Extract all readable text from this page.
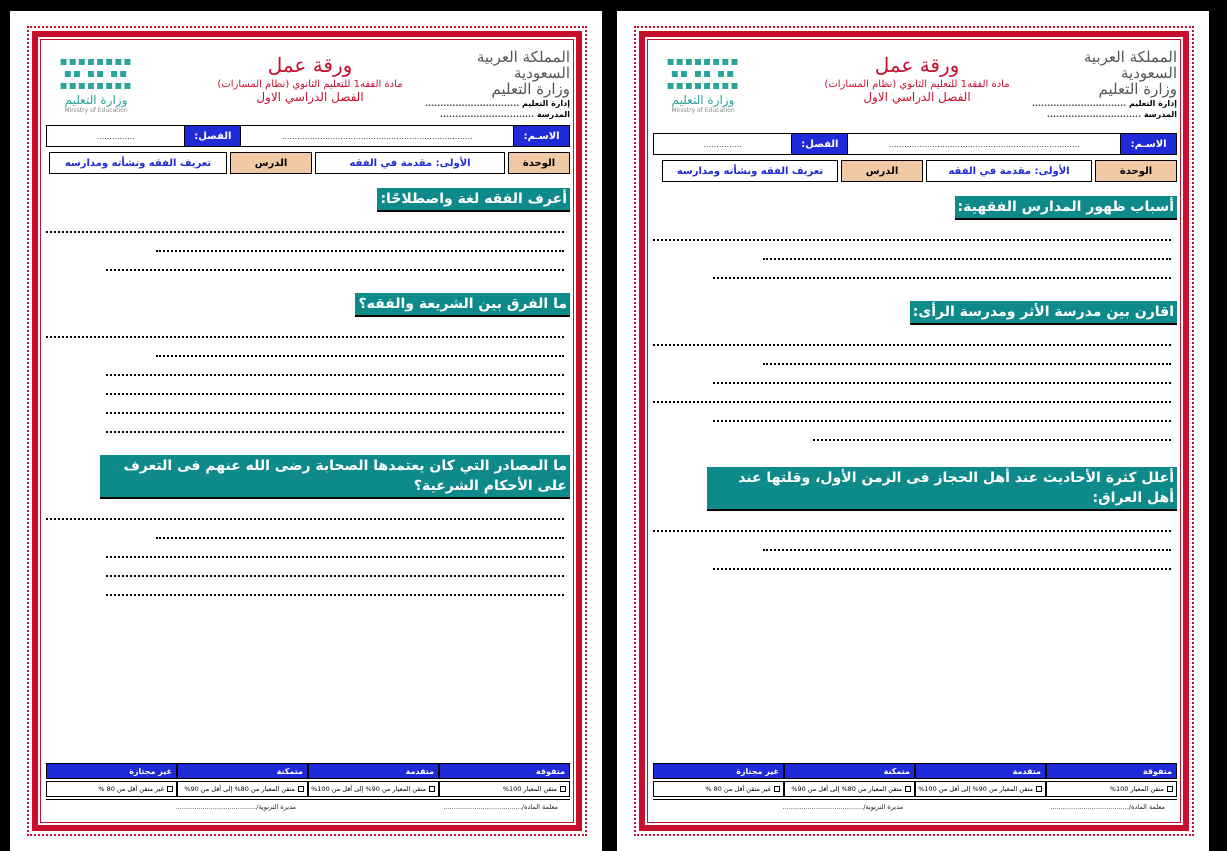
المملكة العربية السعودية
وزارة التعليم
إدارة التعليم ...............................
المدرسة ...............................
ورقة عمل
مادة الفقه1 للتعليم الثانوي (نظام المسارات)
الفصل الدراسي الاول
▪▪▪▪▪▪▪▪
▪▪ ▪▪ ▪▪
▪▪▪▪▪▪▪▪
وزارة التعليم
Ministry of Education
الاسـم:
...........................................................................
الفصل:
...............
الوحدة
الأولى: مقدمة في الفقه
الدرس
تعريف الفقه ونشأته ومدارسه
أعرف الفقه لغة واصطلاحًا:
ما الفرق بين الشريعة والفقه؟
ما المصادر التي كان يعتمدها الصحابة رضى الله عنهم فى التعرف على الأحكام الشرعية؟
متفوقة
متقدمة
متمكنة
غير مجتازة
متقن المعيار 100%
متقن المعيار من 90% إلى أقل من 100%
متقن المعيار من 80% إلى أقل من 90%
غير متقن أقل من 80 %
معلمة المادة/......................................
مديرة التربوية/.......................................
المملكة العربية السعودية
وزارة التعليم
إدارة التعليم ...............................
المدرسة ...............................
ورقة عمل
مادة الفقه1 للتعليم الثانوي (نظام المسارات)
الفصل الدراسي الاول
▪▪▪▪▪▪▪▪
▪▪ ▪▪ ▪▪
▪▪▪▪▪▪▪▪
وزارة التعليم
Ministry of Education
الاسـم:
...........................................................................
الفصل:
...............
الوحدة
الأولى: مقدمة في الفقه
الدرس
تعريف الفقه ونشأته ومدارسه
أسباب ظهور المدارس الفقهية:
اقارن بين مدرسة الأثر ومدرسة الرأى:
أعلل كثرة الأحاديث عند أهل الحجاز فى الزمن الأول، وقلتها عند أهل العراق:
متفوقة
متقدمة
متمكنة
غير مجتازة
متقن المعيار 100%
متقن المعيار من 90% إلى أقل من 100%
متقن المعيار من 80% إلى أقل من 90%
غير متقن أقل من 80 %
معلمة المادة/......................................
مديرة التربوية/.......................................
